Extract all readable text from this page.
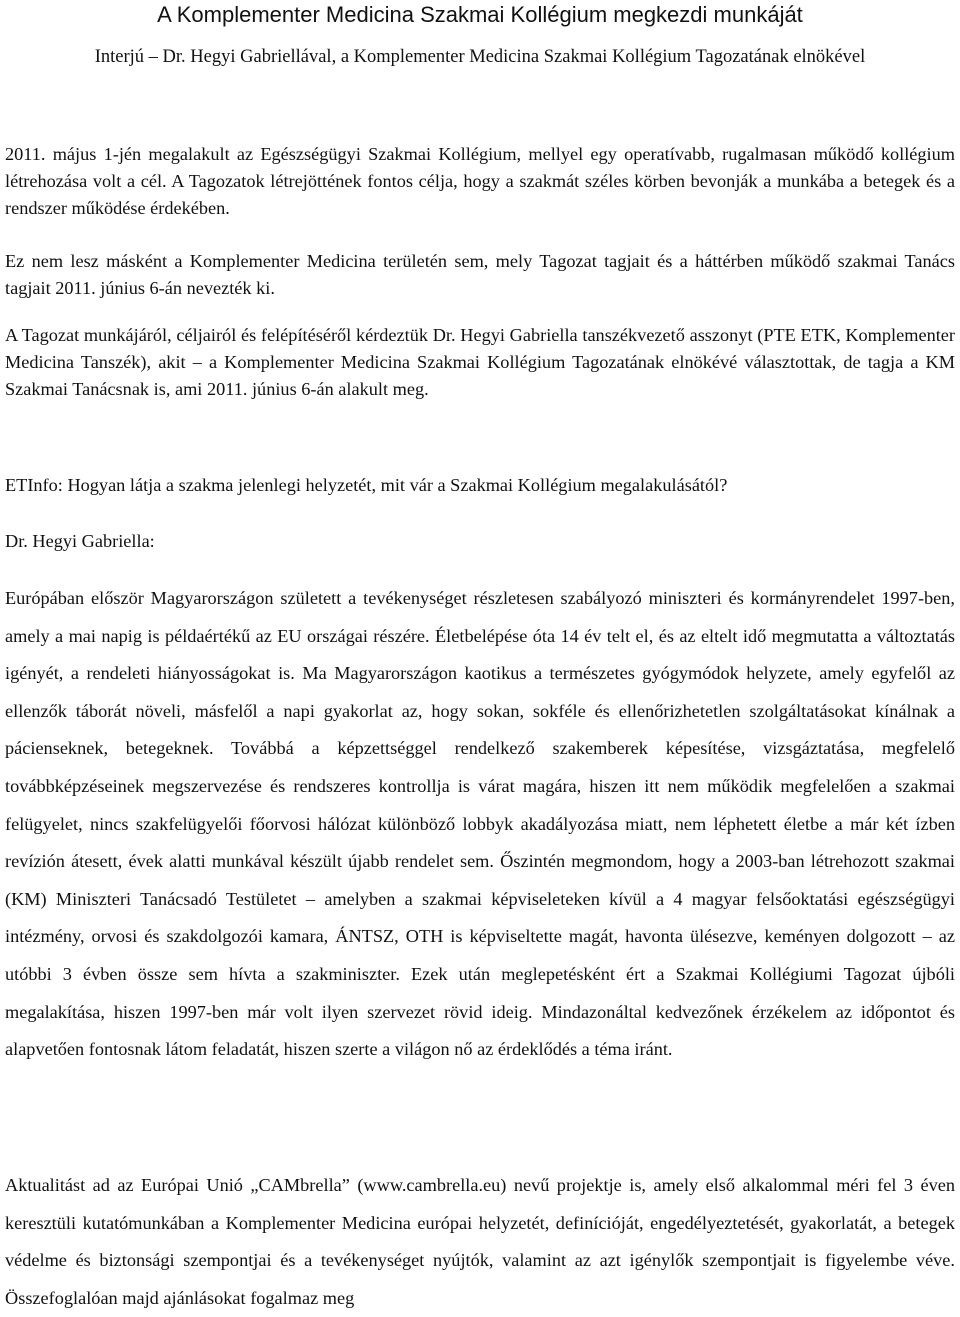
A Komplementer Medicina Szakmai Kollégium megkezdi munkáját

Interjú – Dr. Hegyi Gabriellával, a Komplementer Medicina Szakmai Kollégium Tagozatának elnökével

2011. május 1-jén megalakult az Egészségügyi Szakmai Kollégium, mellyel egy operatívabb, rugalmasan működő kollégium létrehozása volt a cél. A Tagozatok létrejöttének fontos célja, hogy a szakmát széles körben bevonják a munkába a betegek és a rendszer működése érdekében.

Ez nem lesz másként a Komplementer Medicina területén sem, mely Tagozat tagjait és a háttérben működő szakmai Tanács tagjait 2011. június 6-án nevezték ki.

A Tagozat munkájáról, céljairól és felépítéséről kérdeztük Dr. Hegyi Gabriella tanszékvezető asszonyt (PTE ETK, Komplementer Medicina Tanszék), akit – a Komplementer Medicina Szakmai Kollégium Tagozatának elnökévé választottak, de tagja a KM Szakmai Tanácsnak is, ami 2011. június 6-án alakult meg.

ETInfo: Hogyan látja a szakma jelenlegi helyzetét, mit vár a Szakmai Kollégium megalakulásától?

Dr. Hegyi Gabriella:

Európában először Magyarországon született a tevékenységet részletesen szabályozó miniszteri és kormányrendelet 1997-ben, amely a mai napig is példaértékű az EU országai részére. Életbelépése óta 14 év telt el, és az eltelt idő megmutatta a változtatás igényét, a rendeleti hiányosságokat is. Ma Magyarországon kaotikus a természetes gyógymódok helyzete, amely egyfelől az ellenzők táborát növeli, másfelől a napi gyakorlat az, hogy sokan, sokféle és ellenőrizhetetlen szolgáltatásokat kínálnak a pácienseknek, betegeknek. Továbbá a képzettséggel rendelkező szakemberek képesítése, vizsgáztatása, megfelelő továbbképzéseinek megszervezése és rendszeres kontrollja is várat magára, hiszen itt nem működik megfelelően a szakmai felügyelet, nincs szakfelügyelői főorvosi hálózat különböző lobbyk akadályozása miatt, nem léphetett életbe a már két ízben revízión átesett, évek alatti munkával készült újabb rendelet sem. Őszintén megmondom, hogy a 2003-ban létrehozott szakmai (KM) Miniszteri Tanácsadó Testületet – amelyben a szakmai képviseleteken kívül a 4 magyar felsőoktatási egészségügyi intézmény, orvosi és szakdolgozói kamara, ÁNTSZ, OTH is képviseltette magát, havonta ülésezve, keményen dolgozott – az utóbbi 3 évben össze sem hívta a szakminiszter. Ezek után meglepetésként ért a Szakmai Kollégiumi Tagozat újbóli megalakítása, hiszen 1997-ben már volt ilyen szervezet rövid ideig. Mindazonáltal kedvezőnek érzékelem az időpontot és alapvetően fontosnak látom feladatát, hiszen szerte a világon nő az érdeklődés a téma iránt.

Aktualitást ad az Európai Unió „CAMbrella” (www.cambrella.eu) nevű projektje is, amely első alkalommal méri fel 3 éven keresztüli kutatómunkában a Komplementer Medicina európai helyzetét, definícióját, engedélyeztetését, gyakorlatát, a betegek védelme és biztonsági szempontjai és a tevékenységet nyújtók, valamint az azt igénylők szempontjait is figyelembe véve. Összefoglalóan majd ajánlásokat fogalmaz meg
